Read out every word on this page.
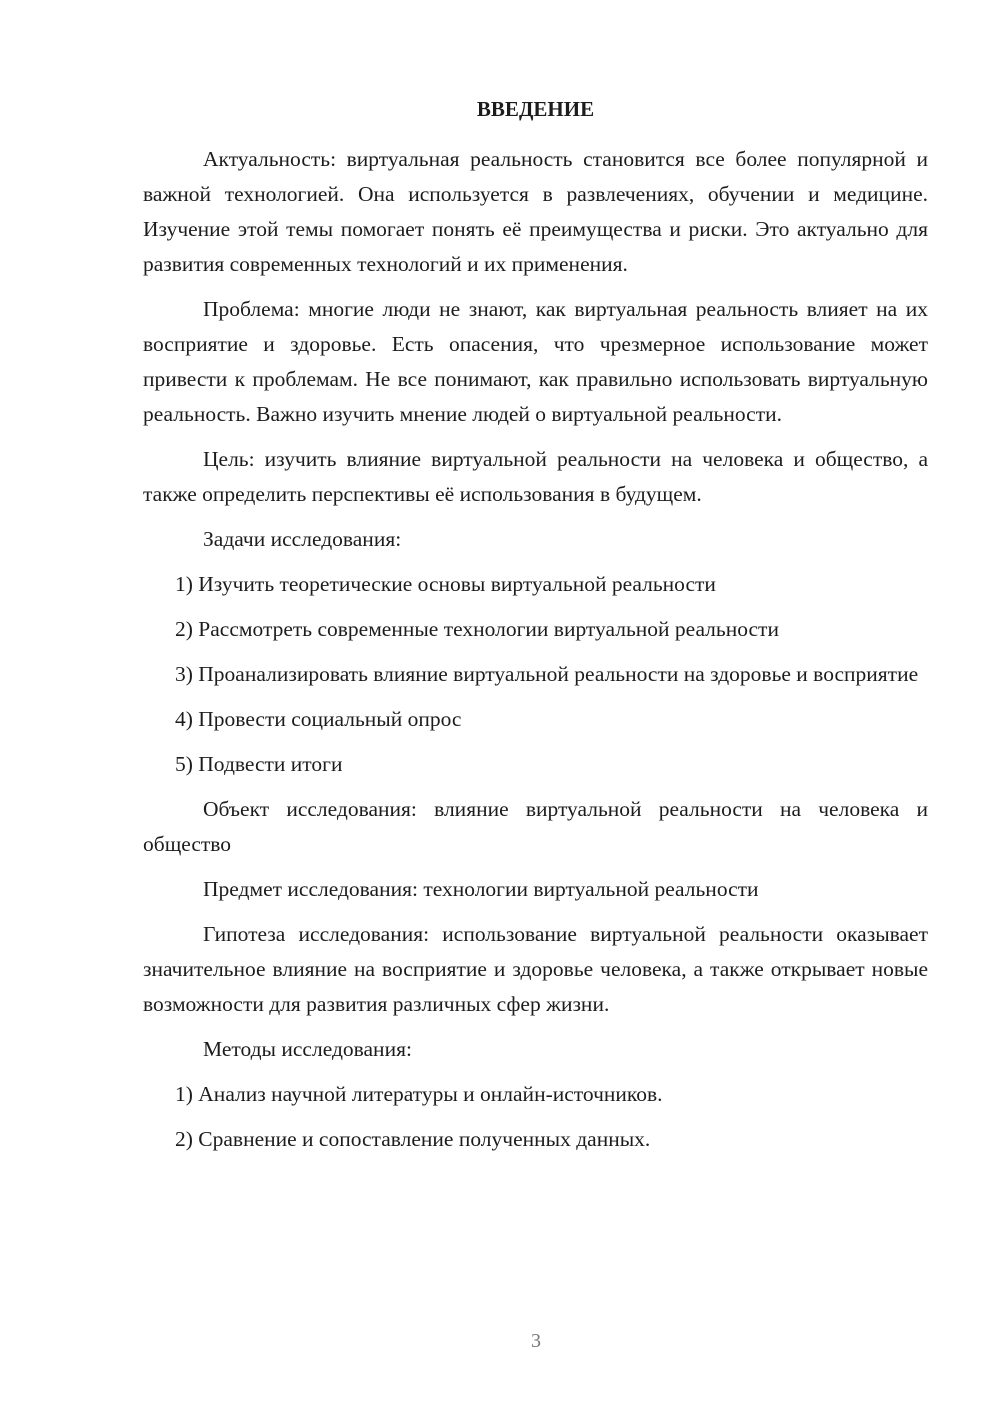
ВВЕДЕНИЕ

Актуальность: виртуальная реальность становится все более популярной и важной технологией. Она используется в развлечениях, обучении и медицине. Изучение этой темы помогает понять её преимущества и риски. Это актуально для развития современных технологий и их применения.

Проблема: многие люди не знают, как виртуальная реальность влияет на их восприятие и здоровье. Есть опасения, что чрезмерное использование может привести к проблемам. Не все понимают, как правильно использовать виртуальную реальность. Важно изучить мнение людей о виртуальной реальности.

Цель: изучить влияние виртуальной реальности на человека и общество, а также определить перспективы её использования в будущем.

Задачи исследования:

1) Изучить теоретические основы виртуальной реальности

2) Рассмотреть современные технологии виртуальной реальности

3) Проанализировать влияние виртуальной реальности на здоровье и восприятие

4) Провести социальный опрос

5) Подвести итоги

Объект исследования: влияние виртуальной реальности на человека и общество

Предмет исследования: технологии виртуальной реальности

Гипотеза исследования: использование виртуальной реальности оказывает значительное влияние на восприятие и здоровье человека, а также открывает новые возможности для развития различных сфер жизни.

Методы исследования:

1) Анализ научной литературы и онлайн-источников.

2) Сравнение и сопоставление полученных данных.

3
